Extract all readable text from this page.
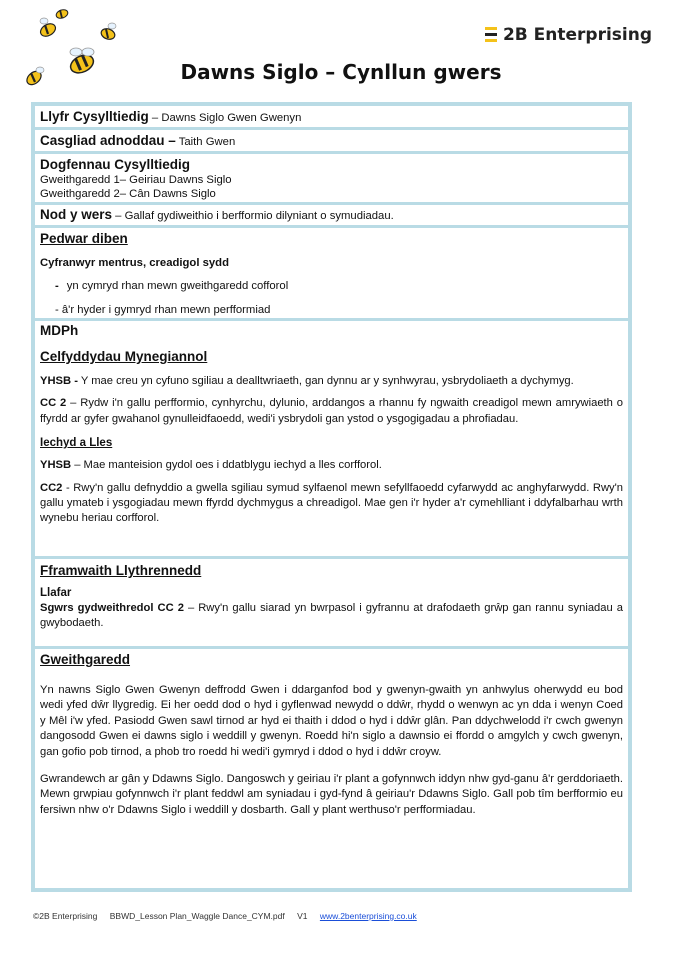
2B Enterprising
Dawns Siglo – Cynllun gwers
Llyfr Cysylltiedig – Dawns Siglo Gwen Gwenyn
Casgliad adnoddau – Taith Gwen
Dogfennau Cysylltiedig
Gweithgaredd 1– Geiriau Dawns Siglo
Gweithgaredd 2– Cân Dawns Siglo
Nod y wers – Gallaf gydiweithio i berfformio dilyniant o symudiadau.
Pedwar diben
Cyfranwyr mentrus, creadigol sydd
- yn cymryd rhan mewn gweithgaredd cofforol
- â'r hyder i gymryd rhan mewn perfformiad
MDPh
Celfyddydau Mynegiannol

YHSB - Y mae creu yn cyfuno sgiliau a dealltwriaeth, gan dynnu ar y synhwyrau, ysbrydoliaeth a dychymyg.

CC 2 – Rydw i'n gallu perfformio, cynhyrchu, dylunio, arddangos a rhannu fy ngwaith creadigol mewn amrywiaeth o ffyrdd ar gyfer gwahanol gynulleidfaoedd, wedi'i ysbrydoli gan ystod o ysgogigadau a phrofiadau.

Iechyd a Lles

YHSB – Mae manteision gydol oes i ddatblygu iechyd a lles corfforol.

CC2 - Rwy'n gallu defnyddio a gwella sgiliau symud sylfaenol mewn sefyllfaoedd cyfarwydd ac anghyfarwydd. Rwy'n gallu ymateb i ysgogiadau mewn ffyrdd dychmygus a chreadigol. Mae gen i'r hyder a'r cymehlliant i ddyfalbarhau wrth wynebu heriau corfforol.

Fframwaith Llythrennedd
Llafar

Sgwrs gydweithredol CC 2 – Rwy'n gallu siarad yn bwrpasol i gyfrannu at drafodaeth grŵp gan rannu syniadau a gwybodaeth.

Gweithgaredd

Yn nawns Siglo Gwen Gwenyn deffrodd Gwen i ddarganfod bod y gwenyn-gwaith yn anhwylus oherwydd eu bod wedi yfed dŵr llygredig. Ei her oedd dod o hyd i gyflenwad newydd o ddŵr, rhydd o wenwyn ac yn dda i wenyn Coed y Mêl i'w yfed. Pasiodd Gwen sawl tirnod ar hyd ei thaith i ddod o hyd i ddŵr glân. Pan ddychwelodd i'r cwch gwenyn dangosodd Gwen ei dawns siglo i weddill y gwenyn. Roedd hi'n siglo a dawnsio ei ffordd o amgylch y cwch gwenyn, gan gofio pob tirnod, a phob tro roedd hi wedi'i gymryd i ddod o hyd i ddŵr croyw.

Gwrandewch ar gân y Ddawns Siglo. Dangoswch y geiriau i'r plant a gofynnwch iddyn nhw gyd-ganu â'r gerddoriaeth. Mewn grwpiau gofynnwch i'r plant feddwl am syniadau i gyd-fynd â geiriau'r Ddawns Siglo. Gall pob tîm berfformio eu fersiwn nhw o'r Ddawns Siglo i weddill y dosbarth. Gall y plant werthuso'r perfformiadau.

©2B Enterprising BBWD_Lesson Plan_Waggle Dance_CYM.pdf V1 www.2benterprising.co.uk
